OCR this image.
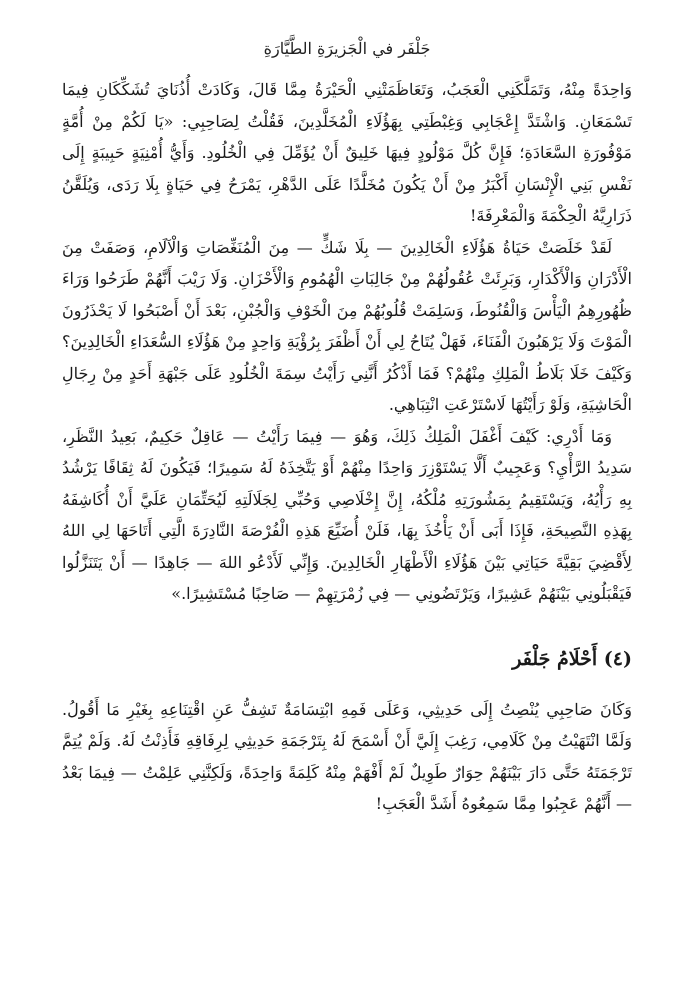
جَلْفَر في الْجَزيرَةِ الطَّيَّارَةِ

وَاحِدَةً مِنْهُ، وَتَمَلَّكَنِي الْعَجَبُ، وَتَعَاظَمَتْنِي الْحَيْرَةُ مِمَّا قَالَ، وَكَادَتْ أُذُنَايَ تُشَكِّكَانِ فِيمَا تَسْمَعَانِ. وَاشْتَدَّ إِعْجَابِي وَغِبْطَتِي بِهَؤُلَاءِ الْمُخَلَّدِينَ، فَقُلْتُ لِصَاحِبِي: «يَا لَكُمْ مِنْ أُمَّةٍ مَوْفُورَةِ السَّعَادَةِ؛ فَإِنَّ كُلَّ مَوْلُودٍ فِيهَا خَلِيقٌ أَنْ يُؤَمِّلَ فِي الْخُلُودِ. وَأَيُّ أُمْنِيَةٍ حَبِيبَةٍ إِلَى نَفْسِ بَنِي الْإِنْسَانِ أَكْبَرُ مِنْ أَنْ يَكُونَ مُخَلَّدًا عَلَى الدَّهْرِ، يَمْرَحُ فِي حَيَاةٍ بِلَا رَدَى، وَيُلَقَّنُ ذَرَارِيَّهُ الْحِكْمَةَ وَالْمَعْرِفَةَ!

لَقَدْ خَلَصَتْ حَيَاةُ هَؤُلَاءِ الْخَالِدِينَ — بِلَا شَكٍّ — مِنَ الْمُنَغِّصَاتِ وَالْآلَامِ، وَصَفَتْ مِنَ الْأَدْرَانِ وَالْأَكْدَارِ، وَبَرِئَتْ عُقُولُهُمْ مِنْ جَالِبَاتِ الْهُمُومِ وَالْأَحْزَانِ. وَلَا رَيْبَ أَنَّهُمْ طَرَحُوا وَرَاءَ ظُهُورِهِمُ الْيَأْسَ وَالْقُنُوطَ، وَسَلِمَتْ قُلُوبُهُمْ مِنَ الْخَوْفِ وَالْجُبْنِ، بَعْدَ أَنْ أَصْبَحُوا لَا يَحْذَرُونَ الْمَوْتَ وَلَا يَرْهَبُونَ الْفَنَاءَ، فَهَلْ يُتَاحُ لِي أَنْ أَظْفَرَ بِرُؤْيَةِ وَاحِدٍ مِنْ هَؤُلَاءِ السُّعَدَاءِ الْخَالِدِينَ؟ وَكَيْفَ خَلَا بَلَاطُ الْمَلِكِ مِنْهُمْ؟ فَمَا أَذْكُرُ أَنَّنِي رَأَيْتُ سِمَةَ الْخُلُودِ عَلَى جَبْهَةِ أَحَدٍ مِنْ رِجَالِ الْحَاشِيَةِ، وَلَوْ رَأَيْتُهَا لَاسْتَرْعَتِ انْتِبَاهِي.

وَمَا أَدْرِي: كَيْفَ أَغْفَلَ الْمَلِكُ ذَلِكَ، وَهُوَ — فِيمَا رَأَيْتُ — عَاقِلٌ حَكِيمٌ، بَعِيدُ النَّظَرِ، سَدِيدُ الرَّأْيِ؟ وَعَجِيبٌ أَلَّا يَسْتَوْزِرَ وَاحِدًا مِنْهُمْ أَوْ يَتَّخِذَهُ لَهُ سَمِيرًا؛ فَيَكُونَ لَهُ ثِقَافًا يَرْشُدُ بِهِ رَأْيُهُ، وَيَسْتَقِيمُ بِمَشُورَتِهِ مُلْكُهُ، إِنَّ إِخْلَاصِي وَحُبِّي لِجَلَالَتِهِ لَيُحَتِّمَانِ عَلَيَّ أَنْ أُكَاشِفَهُ بِهَذِهِ النَّصِيحَةِ، فَإِذَا أَبَى أَنْ يَأْخُذَ بِهَا، فَلَنْ أُضَيِّعَ هَذِهِ الْفُرْصَةَ النَّادِرَةَ الَّتِي أَتَاحَهَا لِي اللهُ لِأَقْضِيَ بَقِيَّةَ حَيَاتِي بَيْنَ هَؤُلَاءِ الْأَطْهَارِ الْخَالِدِينَ. وَإِنِّي لَأَدْعُو اللهَ — جَاهِدًا — أَنْ يَتَنَزَّلُوا فَيَقْبَلُونِي بَيْنَهُمْ عَشِيرًا، وَيَرْتَضُونِي — فِي زُمْرَتِهِمْ — صَاحِبًا مُسْتَشِيرًا.»

(٤) أَحْلَامُ جَلْفَر

وَكَانَ صَاحِبِي يُنْصِتُ إِلَى حَدِيثِي، وَعَلَى فَمِهِ ابْتِسَامَةٌ تَشِفُّ عَنِ اقْتِنَاعِهِ بِغَيْرِ مَا أَقُولُ. وَلَمَّا انْتَهَيْتُ مِنْ كَلَامِي، رَغِبَ إِلَيَّ أَنْ أَسْمَحَ لَهُ بِتَرْجَمَةِ حَدِيثِي لِرِفَاقِهِ فَأَذِنْتُ لَهُ. وَلَمْ يُتِمَّ تَرْجَمَتَهُ حَتَّى دَارَ بَيْنَهُمْ حِوَارٌ طَوِيلٌ لَمْ أَفْهَمْ مِنْهُ كَلِمَةً وَاحِدَةً، وَلَكِنَّنِي عَلِمْتُ — فِيمَا بَعْدُ — أَنَّهُمْ عَجِبُوا مِمَّا سَمِعُوهُ أَشَدَّ الْعَجَبِ!
